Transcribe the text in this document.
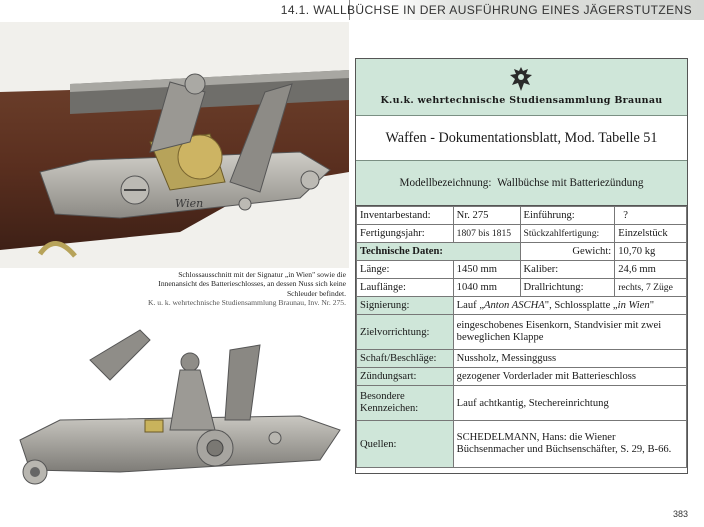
14.1. WALLBÜCHSE IN DER AUSFÜHRUNG EINES JÄGERSTUTZENS
Wien
Schlossausschnitt mit der Signatur „in Wien" sowie die Innenansicht des Batterieschlosses, an dessen Nuss sich keine Schleuder befindet.
K. u. k. wehrtechnische Studiensammlung Braunau, Inv. Nr. 275.
K.u.k. wehrtechnische Studiensammlung Braunau
Waffen - Dokumentationsblatt, Mod. Tabelle 51
Modellbezeichnung:
Wallbüchse mit Batteriezündung
Inventarbestand:	Nr. 275	Einführung:	?
Fertigungsjahr:	1807 bis 1815	Stückzahlfertigung:	Einzelstück
Technische Daten:		Gewicht:	10,70 kg
Länge:	1450 mm	Kaliber:	24,6 mm
Lauflänge:	1040 mm	Drallrichtung:	rechts, 7 Züge
Signierung:	Lauf „Anton ASCHA", Schlossplatte „in Wien"		
Zielvorrichtung:	eingeschobenes Eisenkorn, Standvisier mit zwei beweglichen Klappe		
Schaft/Beschläge:	Nussholz, Messingguss		
Zündungsart:	gezogener Vorderlader mit Batterieschloss		
Besondere
Kennzeichen:	Lauf achtkantig, Stechereinrichtung		
Quellen:	SCHEDELMANN, Hans: die Wiener Büchsenmacher und Büchsenschäfter, S. 29, B-66.		
383
